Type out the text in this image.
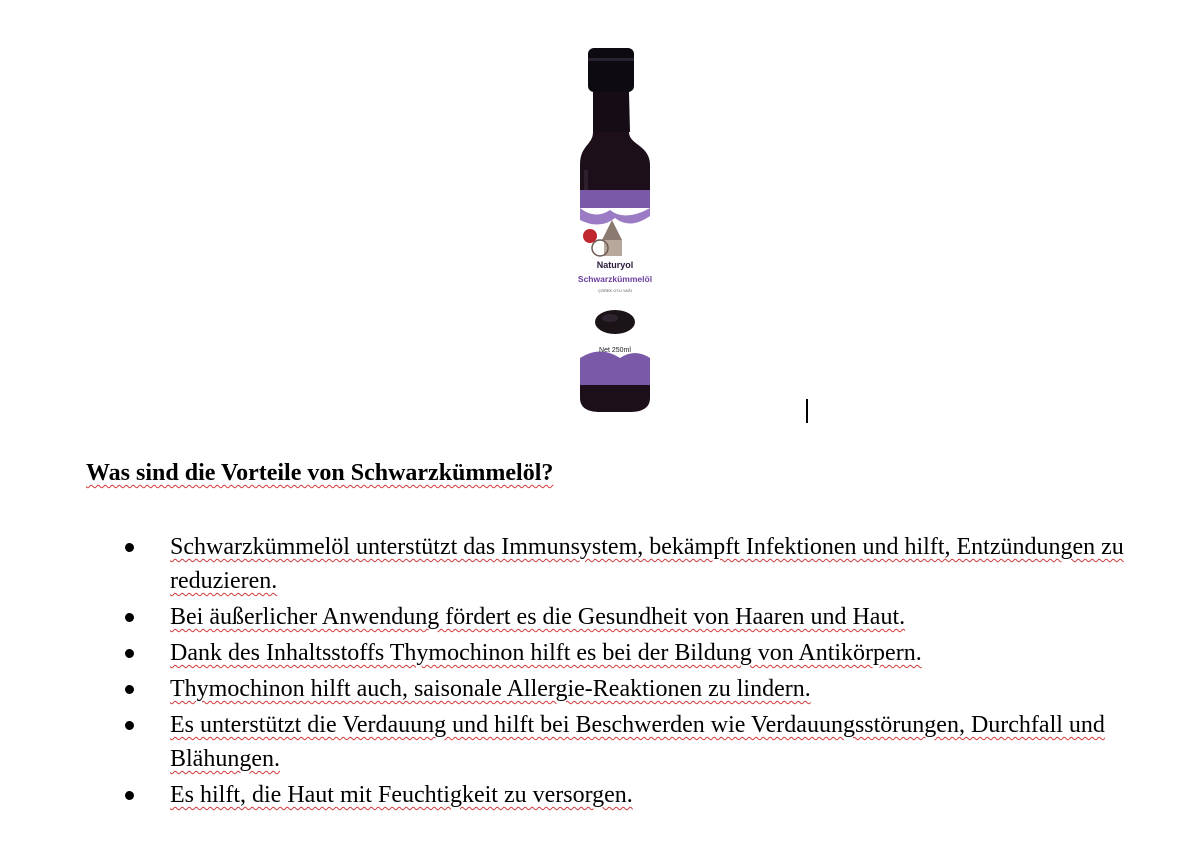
Naturyol
Schwarzkümmelöl
ÇÖREK OTU YAĞI
Net 250ml
Was sind die Vorteile von Schwarzkümmelöl?
Schwarzkümmelöl unterstützt das Immunsystem, bekämpft Infektionen und hilft, Entzündungen zu reduzieren.
Bei äußerlicher Anwendung fördert es die Gesundheit von Haaren und Haut.
Dank des Inhaltsstoffs Thymochinon hilft es bei der Bildung von Antikörpern.
Thymochinon hilft auch, saisonale Allergie-Reaktionen zu lindern.
Es unterstützt die Verdauung und hilft bei Beschwerden wie Verdauungsstörungen, Durchfall und Blähungen.
Es hilft, die Haut mit Feuchtigkeit zu versorgen.
